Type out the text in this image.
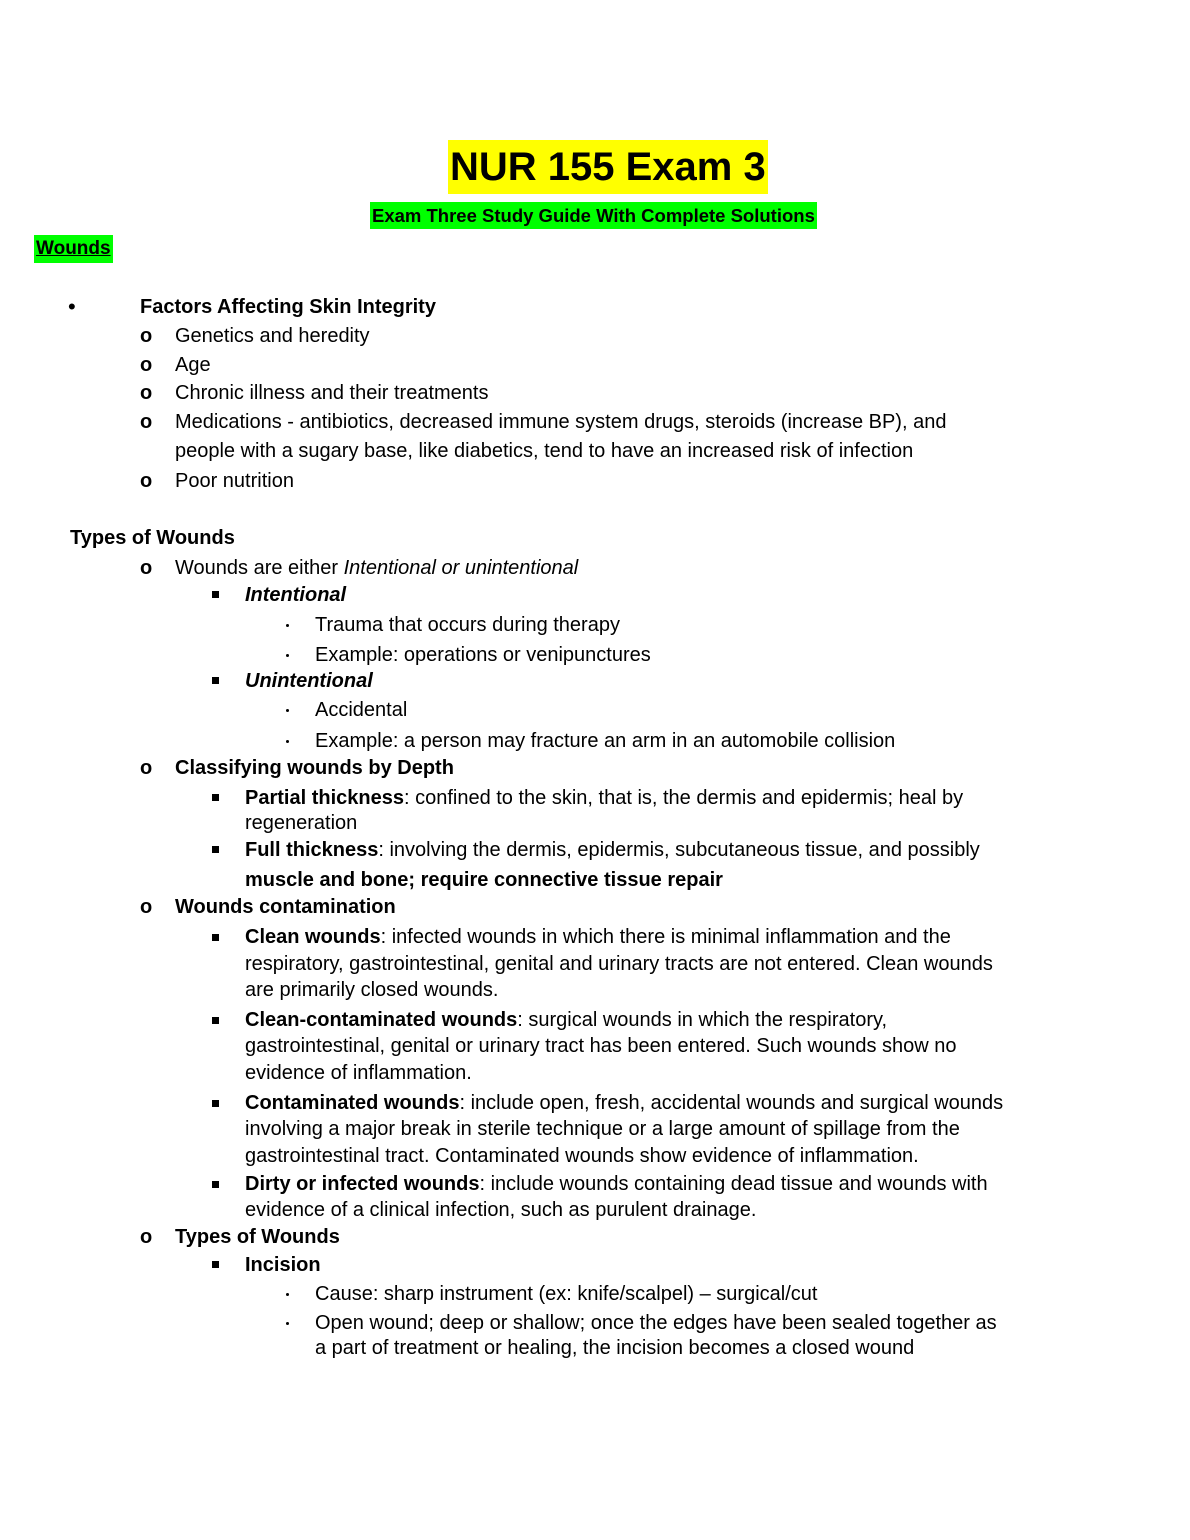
NUR 155 Exam 3
Exam Three Study Guide With Complete Solutions
Wounds
•	Factors Affecting Skin Integrity
o Genetics and heredity
o Age
o Chronic illness and their treatments
o Medications - antibiotics, decreased immune system drugs, steroids (increase BP), and
people with a sugary base, like diabetics, tend to have an increased risk of infection
o Poor nutrition
Types of Wounds
o Wounds are either Intentional or unintentional
Intentional
Trauma that occurs during therapy
Example: operations or venipunctures
Unintentional
Accidental
Example: a person may fracture an arm in an automobile collision
o Classifying wounds by Depth
Partial thickness: confined to the skin, that is, the dermis and epidermis; heal by
regeneration
Full thickness: involving the dermis, epidermis, subcutaneous tissue, and possibly
muscle and bone; require connective tissue repair
o Wounds contamination
Clean wounds: infected wounds in which there is minimal inflammation and the
respiratory, gastrointestinal, genital and urinary tracts are not entered. Clean wounds
are primarily closed wounds.
Clean-contaminated wounds: surgical wounds in which the respiratory,
gastrointestinal, genital or urinary tract has been entered. Such wounds show no
evidence of inflammation.
Contaminated wounds: include open, fresh, accidental wounds and surgical wounds
involving a major break in sterile technique or a large amount of spillage from the
gastrointestinal tract. Contaminated wounds show evidence of inflammation.
Dirty or infected wounds: include wounds containing dead tissue and wounds with
evidence of a clinical infection, such as purulent drainage.
o Types of Wounds
Incision
Cause: sharp instrument (ex: knife/scalpel) – surgical/cut
Open wound; deep or shallow; once the edges have been sealed together as
a part of treatment or healing, the incision becomes a closed wound
